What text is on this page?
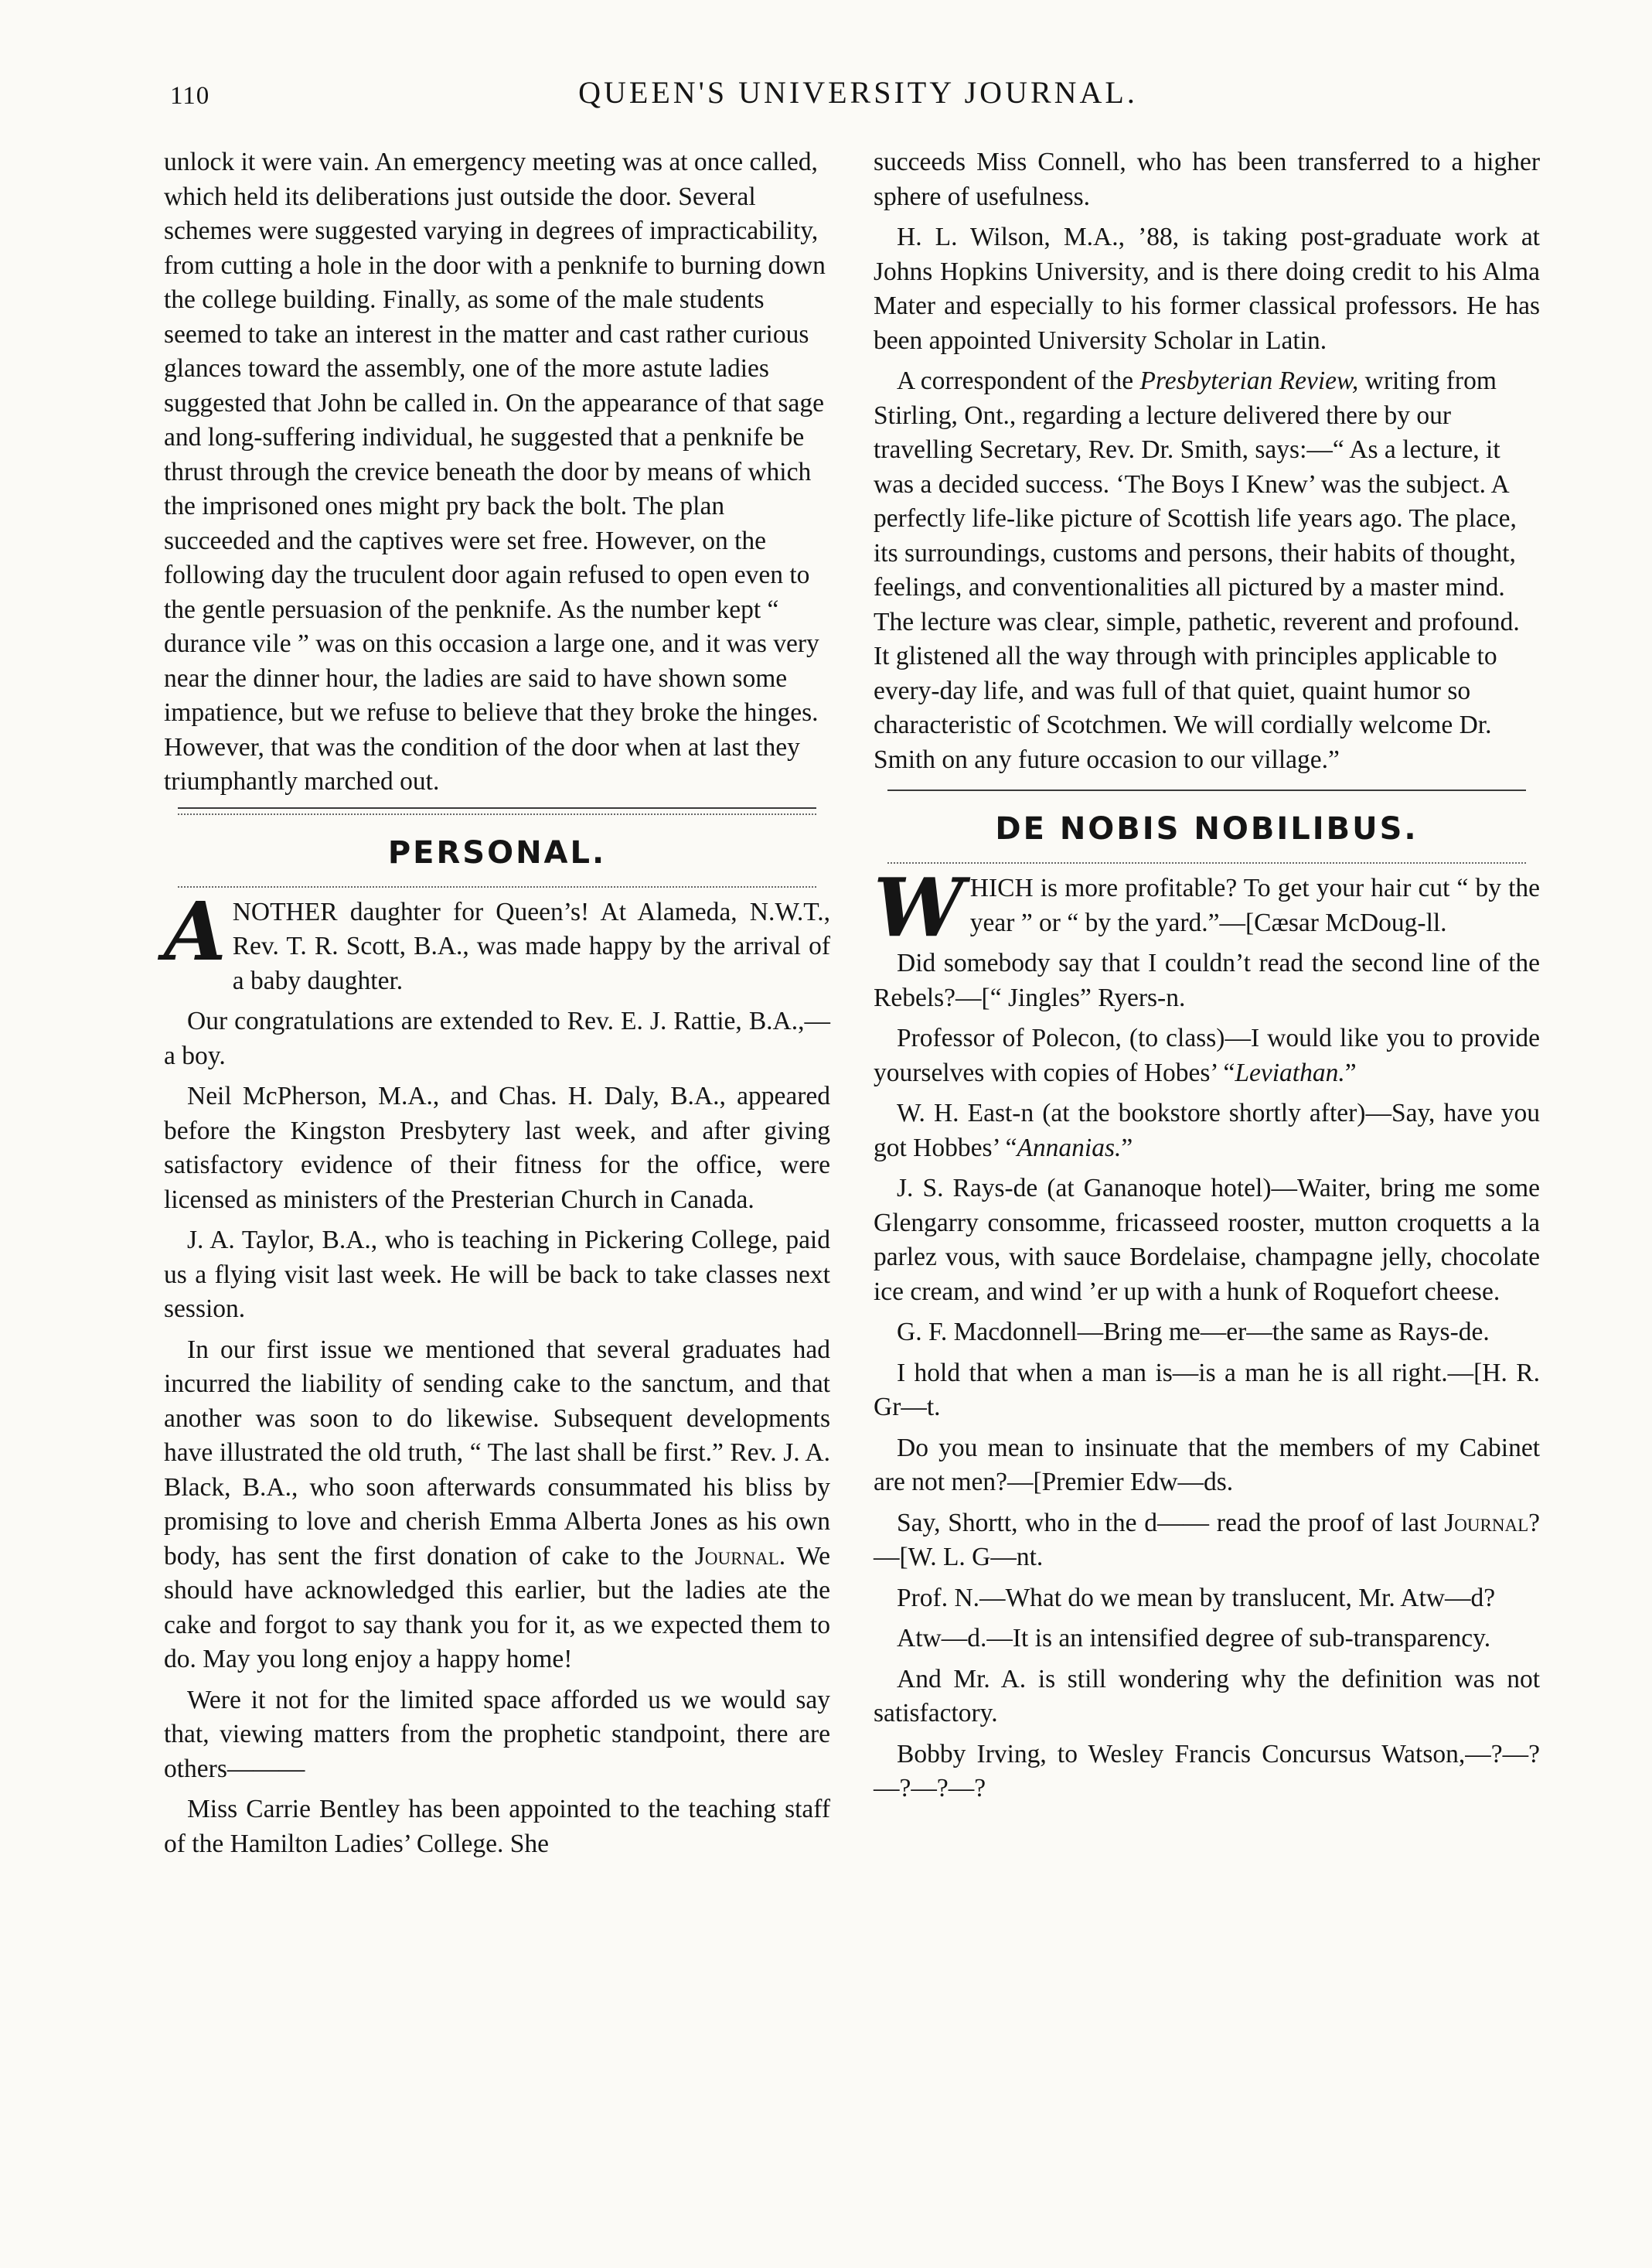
110	QUEEN'S UNIVERSITY JOURNAL.

unlock it were vain. An emergency meeting was at once called, which held its deliberations just outside the door. Several schemes were suggested varying in degrees of impracticability, from cutting a hole in the door with a penknife to burning down the college building. Finally, as some of the male students seemed to take an interest in the matter and cast rather curious glances toward the assembly, one of the more astute ladies suggested that John be called in. On the appearance of that sage and long-suffering individual, he suggested that a penknife be thrust through the crevice beneath the door by means of which the imprisoned ones might pry back the bolt. The plan succeeded and the captives were set free. However, on the following day the truculent door again refused to open even to the gentle persuasion of the penknife. As the number kept “ durance vile ” was on this occasion a large one, and it was very near the dinner hour, the ladies are said to have shown some impatience, but we refuse to believe that they broke the hinges. However, that was the condition of the door when at last they triumphantly marched out.

PERSONAL.

ANOTHER daughter for Queen’s! At Alameda, N.W.T., Rev. T. R. Scott, B.A., was made happy by the arrival of a baby daughter.

Our congratulations are extended to Rev. E. J. Rattie, B.A.,—a boy.

Neil McPherson, M.A., and Chas. H. Daly, B.A., appeared before the Kingston Presbytery last week, and after giving satisfactory evidence of their fitness for the office, were licensed as ministers of the Presterian Church in Canada.

J. A. Taylor, B.A., who is teaching in Pickering College, paid us a flying visit last week. He will be back to take classes next session.

In our first issue we mentioned that several graduates had incurred the liability of sending cake to the sanctum, and that another was soon to do likewise. Subsequent developments have illustrated the old truth, “ The last shall be first.” Rev. J. A. Black, B.A., who soon afterwards consummated his bliss by promising to love and cherish Emma Alberta Jones as his own body, has sent the first donation of cake to the Journal. We should have acknowledged this earlier, but the ladies ate the cake and forgot to say thank you for it, as we expected them to do. May you long enjoy a happy home!

Were it not for the limited space afforded us we would say that, viewing matters from the prophetic standpoint, there are others———

Miss Carrie Bentley has been appointed to the teaching staff of the Hamilton Ladies’ College. She

succeeds Miss Connell, who has been transferred to a higher sphere of usefulness.

H. L. Wilson, M.A., ’88, is taking post-graduate work at Johns Hopkins University, and is there doing credit to his Alma Mater and especially to his former classical professors. He has been appointed University Scholar in Latin.

A correspondent of the Presbyterian Review, writing from Stirling, Ont., regarding a lecture delivered there by our travelling Secretary, Rev. Dr. Smith, says:—“ As a lecture, it was a decided success. ‘The Boys I Knew’ was the subject. A perfectly life-like picture of Scottish life years ago. The place, its surroundings, customs and persons, their habits of thought, feelings, and conventionalities all pictured by a master mind. The lecture was clear, simple, pathetic, reverent and profound. It glistened all the way through with principles applicable to every-day life, and was full of that quiet, quaint humor so characteristic of Scotchmen. We will cordially welcome Dr. Smith on any future occasion to our village.”

DE NOBIS NOBILIBUS.

WHICH is more profitable? To get your hair cut “ by the year ” or “ by the yard.”—[Cæsar McDoug-ll.

Did somebody say that I couldn’t read the second line of the Rebels?—[“ Jingles” Ryers-n.

Professor of Polecon, (to class)—I would like you to provide yourselves with copies of Hobes’ “Leviathan.”

W. H. East-n (at the bookstore shortly after)—Say, have you got Hobbes’ “Annanias.”

J. S. Rays-de (at Gananoque hotel)—Waiter, bring me some Glengarry consomme, fricasseed rooster, mutton croquetts a la parlez vous, with sauce Bordelaise, champagne jelly, chocolate ice cream, and wind ’er up with a hunk of Roquefort cheese.

G. F. Macdonnell—Bring me—er—the same as Rays-de.

I hold that when a man is—is a man he is all right.—[H. R. Gr—t.

Do you mean to insinuate that the members of my Cabinet are not men?—[Premier Edw—ds.

Say, Shortt, who in the d—— read the proof of last Journal?—[W. L. G—nt.

Prof. N.—What do we mean by translucent, Mr. Atw—d?

Atw—d.—It is an intensified degree of sub-transparency.

And Mr. A. is still wondering why the definition was not satisfactory.

Bobby Irving, to Wesley Francis Concursus Watson,—?—?—?—?—?
